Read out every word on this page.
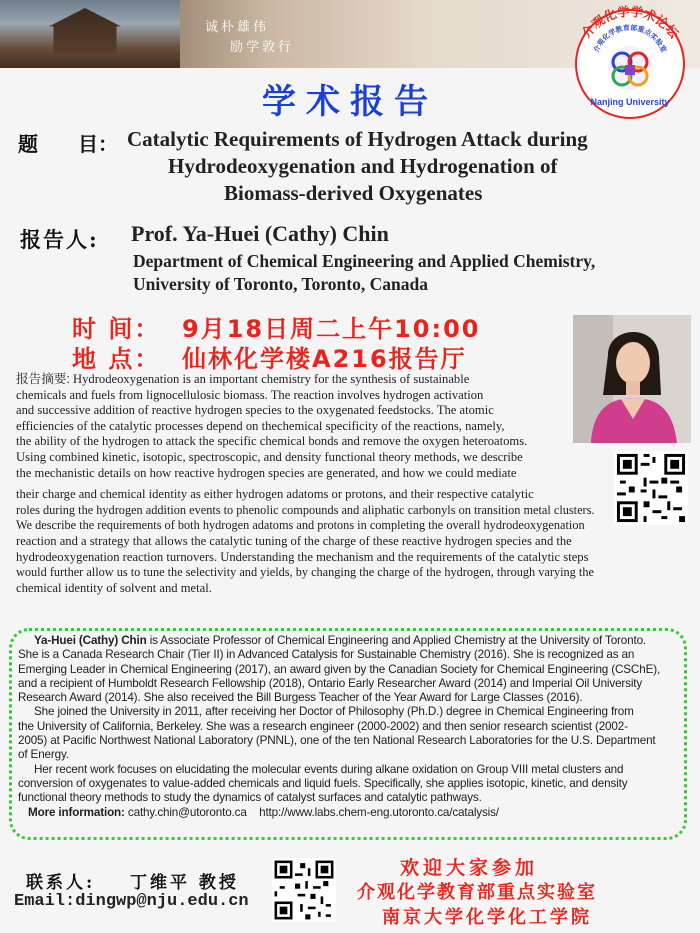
诚朴雄伟
励学敦行
介观化学学术论坛
介观化学教育部重点实验室
Nanjing University
学术报告
题　　目： Catalytic Requirements of Hydrogen Attack during
Hydrodeoxygenation and Hydrogenation of
Biomass-derived Oxygenates
报告人: Prof. Ya-Huei (Cathy) Chin
Department of Chemical Engineering and Applied Chemistry,
University of Toronto, Toronto, Canada
时 间： 9月18日周二上午10:00
地 点： 仙林化学楼A216报告厅

报告摘要: Hydrodeoxygenation is an important chemistry for the synthesis of sustainable

chemicals and fuels from lignocellulosic biomass. The reaction involves hydrogen activation

and successive addition of reactive hydrogen species to the oxygenated feedstocks. The atomic

efficiencies of the catalytic processes depend on thechemical specificity of the reactions, namely,

the ability of the hydrogen to attack the specific chemical bonds and remove the oxygen heteroatoms.

Using combined kinetic, isotopic, spectroscopic, and density functional theory methods, we describe

the mechanistic details on how reactive hydrogen species are generated, and how we could mediate

their charge and chemical identity as either hydrogen adatoms or protons, and their respective catalytic

roles during the hydrogen addition events to phenolic compounds and aliphatic carbonyls on transition metal clusters.

We describe the requirements of both hydrogen adatoms and protons in completing the overall hydrodeoxygenation

reaction and a strategy that allows the catalytic tuning of the charge of these reactive hydrogen species and the

hydrodeoxygenation reaction turnovers. Understanding the mechanism and the requirements of the catalytic steps

would further allow us to tune the selectivity and yields, by changing the charge of the hydrogen, through varying the

chemical identity of solvent and metal.

Ya-Huei (Cathy) Chin is Associate Professor of Chemical Engineering and Applied Chemistry at the University of Toronto.

She is a Canada Research Chair (Tier II) in Advanced Catalysis for Sustainable Chemistry (2016). She is recognized as an

Emerging Leader in Chemical Engineering (2017), an award given by the Canadian Society for Chemical Engineering (CSChE),

and a recipient of Humboldt Research Fellowship (2018), Ontario Early Researcher Award (2014) and Imperial Oil University

Research Award (2014). She also received the Bill Burgess Teacher of the Year Award for Large Classes (2016).

She joined the University in 2011, after receiving her Doctor of Philosophy (Ph.D.) degree in Chemical Engineering from

the University of California, Berkeley. She was a research engineer (2000-2002) and then senior research scientist (2002-

2005) at Pacific Northwest National Laboratory (PNNL), one of the ten National Research Laboratories for the U.S. Department

of Energy.

Her recent work focuses on elucidating the molecular events during alkane oxidation on Group VIII metal clusters and

conversion of oxygenates to value-added chemicals and liquid fuels. Specifically, she applies isotopic, kinetic, and density

functional theory methods to study the dynamics of catalyst surfaces and catalytic pathways.

More information: cathy.chin@utoronto.ca http://www.labs.chem-eng.utoronto.ca/catalysis/

联系人: 丁维平 教授
Email:dingwp@nju.edu.cn
欢迎大家参加
介观化学教育部重点实验室
南京大学化学化工学院
